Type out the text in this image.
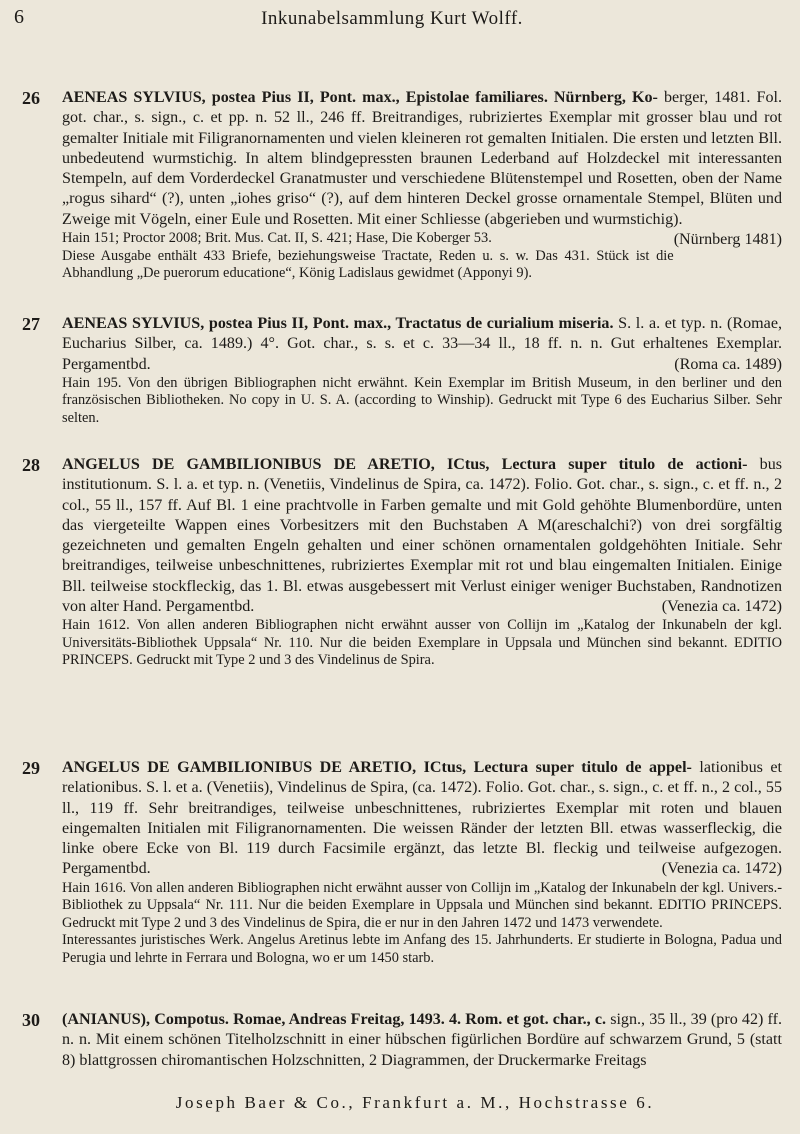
6	Inkunabelsammlung Kurt Wolff.
26 AENEAS SYLVIUS, postea Pius II, Pont. max., Epistolae familiares. Nürnberg, Ko- berger, 1481. Fol. got. char., s. sign., c. et pp. n. 52 ll., 246 ff. Breitrandiges, rubriziertes Exemplar mit grosser blau und rot gemalter Initiale mit Filigranornamenten und vielen kleineren rot gemalten Initialen. Die ersten und letzten Bll. unbedeutend wurmstichig. In altem blindgepressten braunen Lederband auf Holzdeckel mit interessanten Stempeln, auf dem Vorderdeckel Granatmuster und verschiedene Blütenstempel und Rosetten, oben der Name „rogus sihard“ (?), unten „iohes griso“ (?), auf dem hinteren Deckel grosse ornamentale Stempel, Blüten und Zweige mit Vögeln, einer Eule und Rosetten. Mit einer Schliesse (abgerieben und wurmstichig).
(Nürnberg 1481)
Hain 151; Proctor 2008; Brit. Mus. Cat. II, S. 421; Hase, Die Koberger 53.
Diese Ausgabe enthält 433 Briefe, beziehungsweise Tractate, Reden u. s. w. Das 431. Stück ist die Abhandlung „De puerorum educatione“, König Ladislaus gewidmet (Apponyi 9).
27 AENEAS SYLVIUS, postea Pius II, Pont. max., Tractatus de curialium miseria. S. l. a. et typ. n. (Romae, Eucharius Silber, ca. 1489.) 4°. Got. char., s. s. et c. 33—34 ll., 18 ff. n. n. Gut erhaltenes Exemplar. Pergamentbd.	(Roma ca. 1489)
Hain 195. Von den übrigen Bibliographen nicht erwähnt. Kein Exemplar im British Museum, in den berliner und den französischen Bibliotheken. No copy in U. S. A. (according to Winship). Gedruckt mit Type 6 des Eucharius Silber. Sehr selten.
28 ANGELUS DE GAMBILIONIBUS DE ARETIO, ICtus, Lectura super titulo de actioni- bus institutionum. S. l. a. et typ. n. (Venetiis, Vindelinus de Spira, ca. 1472). Folio. Got. char., s. sign., c. et ff. n., 2 col., 55 ll., 157 ff. Auf Bl. 1 eine prachtvolle in Farben gemalte und mit Gold gehöhte Blumenbordüre, unten das viergeteilte Wappen eines Vorbesitzers mit den Buchstaben A M(areschalchi?) von drei sorgfältig gezeichneten und gemalten Engeln gehalten und einer schönen ornamentalen goldgehöhten Initiale. Sehr breitrandiges, teilweise unbeschnittenes, rubriziertes Exemplar mit rot und blau eingemalten Initialen. Einige Bll. teilweise stockfleckig, das 1. Bl. etwas ausgebessert mit Verlust einiger weniger Buchstaben, Randnotizen von alter Hand. Pergamentbd.	(Venezia ca. 1472)
Hain 1612. Von allen anderen Bibliographen nicht erwähnt ausser von Collijn im „Katalog der Inkunabeln der kgl. Universitäts-Bibliothek Uppsala“ Nr. 110. Nur die beiden Exemplare in Uppsala und München sind bekannt. EDITIO PRINCEPS. Gedruckt mit Type 2 und 3 des Vindelinus de Spira.
29 ANGELUS DE GAMBILIONIBUS DE ARETIO, ICtus, Lectura super titulo de appel- lationibus et relationibus. S. l. et a. (Venetiis), Vindelinus de Spira, (ca. 1472). Folio. Got. char., s. sign., c. et ff. n., 2 col., 55 ll., 119 ff. Sehr breitrandiges, teilweise unbeschnittenes, rubriziertes Exemplar mit roten und blauen eingemalten Initialen mit Filigranornamenten. Die weissen Ränder der letzten Bll. etwas wasserfleckig, die linke obere Ecke von Bl. 119 durch Facsimile ergänzt, das letzte Bl. fleckig und teilweise aufgezogen. Pergamentbd.	(Venezia ca. 1472)
Hain 1616. Von allen anderen Bibliographen nicht erwähnt ausser von Collijn im „Katalog der Inkunabeln der kgl. Univers.-Bibliothek zu Uppsala“ Nr. 111. Nur die beiden Exemplare in Uppsala und München sind bekannt. EDITIO PRINCEPS. Gedruckt mit Type 2 und 3 des Vindelinus de Spira, die er nur in den Jahren 1472 und 1473 verwendete.
Interessantes juristisches Werk. Angelus Aretinus lebte im Anfang des 15. Jahrhunderts. Er studierte in Bologna, Padua und Perugia und lehrte in Ferrara und Bologna, wo er um 1450 starb.
30 (ANIANUS), Compotus. Romae, Andreas Freitag, 1493. 4. Rom. et got. char., c. sign., 35 ll., 39 (pro 42) ff. n. n. Mit einem schönen Titelholzschnitt in einer hübschen figürlichen Bordüre auf schwarzem Grund, 5 (statt 8) blattgrossen chiromantischen Holzschnitten, 2 Diagrammen, der Druckermarke Freitags
Joseph Baer & Co., Frankfurt a. M., Hochstrasse 6.
